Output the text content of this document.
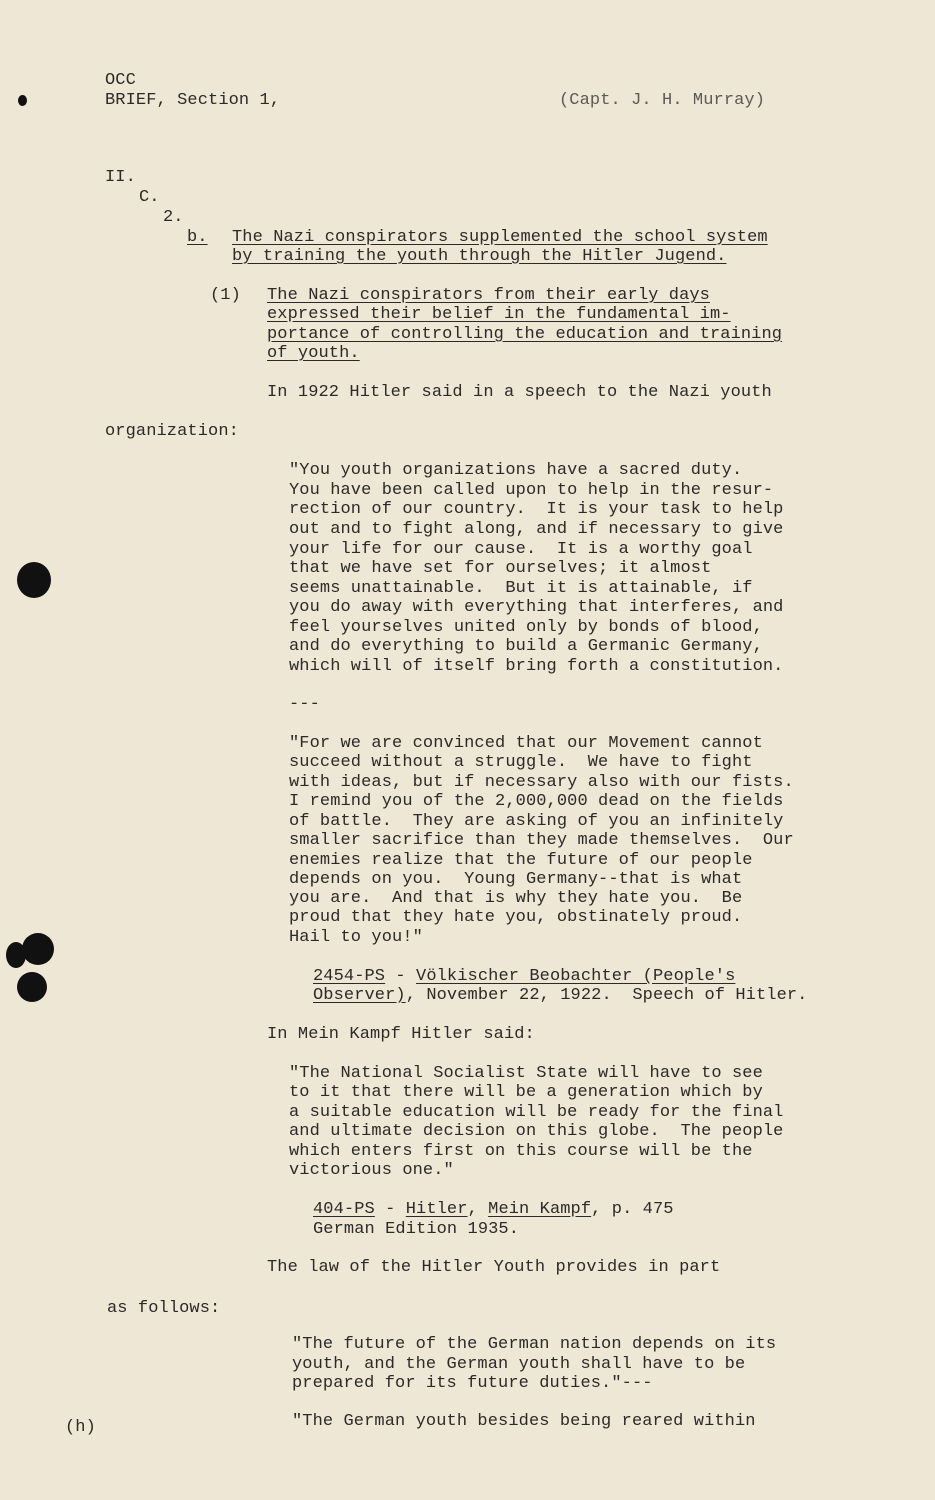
OCC
BRIEF, Section 1,	(Capt. J. H. Murray)
II.
C.
2.
b. The Nazi conspirators supplemented the school system
by training the youth through the Hitler Jugend.
(1) The Nazi conspirators from their early days
expressed their belief in the fundamental im-
portance of controlling the education and training
of youth.
In 1922 Hitler said in a speech to the Nazi youth
organization:
"You youth organizations have a sacred duty.
You have been called upon to help in the resur-
rection of our country.  It is your task to help
out and to fight along, and if necessary to give
your life for our cause.  It is a worthy goal
that we have set for ourselves; it almost
seems unattainable.  But it is attainable, if
you do away with everything that interferes, and
feel yourselves united only by bonds of blood,
and do everything to build a Germanic Germany,
which will of itself bring forth a constitution.
---
"For we are convinced that our Movement cannot
succeed without a struggle.  We have to fight
with ideas, but if necessary also with our fists.
I remind you of the 2,000,000 dead on the fields
of battle.  They are asking of you an infinitely
smaller sacrifice than they made themselves.  Our
enemies realize that the future of our people
depends on you.  Young Germany--that is what
you are.  And that is why they hate you.  Be
proud that they hate you, obstinately proud.
Hail to you!"
2454-PS - Völkischer Beobachter (People's
Observer), November 22, 1922.  Speech of Hitler.
In Mein Kampf Hitler said:
"The National Socialist State will have to see
to it that there will be a generation which by
a suitable education will be ready for the final
and ultimate decision on this globe.  The people
which enters first on this course will be the
victorious one."
404-PS - Hitler, Mein Kampf, p. 475
German Edition 1935.
The law of the Hitler Youth provides in part
as follows:
"The future of the German nation depends on its
youth, and the German youth shall have to be
prepared for its future duties."---
"The German youth besides being reared within
(h)
